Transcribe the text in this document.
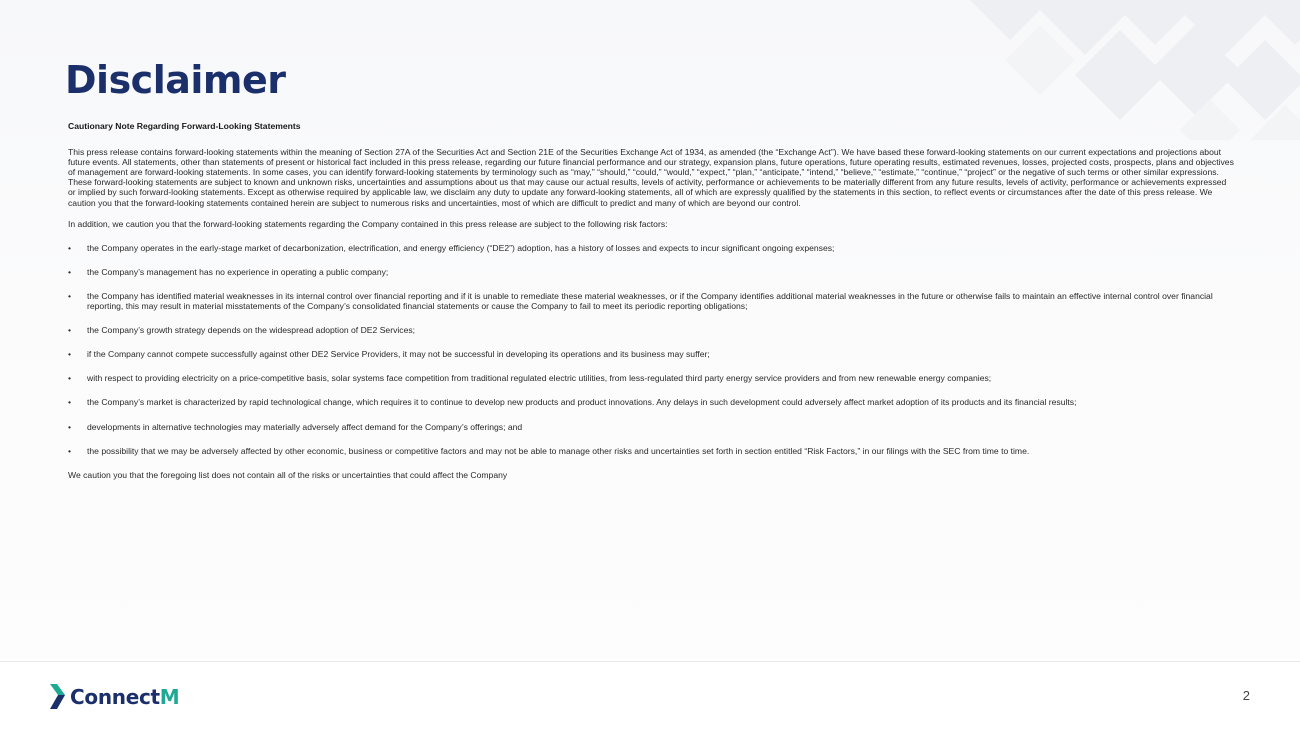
Disclaimer

Cautionary Note Regarding Forward-Looking Statements

This press release contains forward-looking statements within the meaning of Section 27A of the Securities Act and Section 21E of the Securities Exchange Act of 1934, as amended (the “Exchange Act”). We have based these forward-looking statements on our current expectations and projections about future events. All statements, other than statements of present or historical fact included in this press release, regarding our future financial performance and our strategy, expansion plans, future operations, future operating results, estimated revenues, losses, projected costs, prospects, plans and objectives of management are forward-looking statements. In some cases, you can identify forward-looking statements by terminology such as “may,” “should,” “could,” “would,” “expect,” “plan,” “anticipate,” “intend,” “believe,” “estimate,” “continue,” “project” or the negative of such terms or other similar expressions. These forward-looking statements are subject to known and unknown risks, uncertainties and assumptions about us that may cause our actual results, levels of activity, performance or achievements to be materially different from any future results, levels of activity, performance or achievements expressed or implied by such forward-looking statements. Except as otherwise required by applicable law, we disclaim any duty to update any forward-looking statements, all of which are expressly qualified by the statements in this section, to reflect events or circumstances after the date of this press release. We caution you that the forward-looking statements contained herein are subject to numerous risks and uncertainties, most of which are difficult to predict and many of which are beyond our control.

In addition, we caution you that the forward-looking statements regarding the Company contained in this press release are subject to the following risk factors:

• the Company operates in the early-stage market of decarbonization, electrification, and energy efficiency (“DE2”) adoption, has a history of losses and expects to incur significant ongoing expenses;
• the Company’s management has no experience in operating a public company;
• the Company has identified material weaknesses in its internal control over financial reporting and if it is unable to remediate these material weaknesses, or if the Company identifies additional material weaknesses in the future or otherwise fails to maintain an effective internal control over financial reporting, this may result in material misstatements of the Company’s consolidated financial statements or cause the Company to fail to meet its periodic reporting obligations;
• the Company’s growth strategy depends on the widespread adoption of DE2 Services;
• if the Company cannot compete successfully against other DE2 Service Providers, it may not be successful in developing its operations and its business may suffer;
• with respect to providing electricity on a price-competitive basis, solar systems face competition from traditional regulated electric utilities, from less-regulated third party energy service providers and from new renewable energy companies;
• the Company’s market is characterized by rapid technological change, which requires it to continue to develop new products and product innovations. Any delays in such development could adversely affect market adoption of its products and its financial results;
• developments in alternative technologies may materially adversely affect demand for the Company’s offerings; and
• the possibility that we may be adversely affected by other economic, business or competitive factors and may not be able to manage other risks and uncertainties set forth in section entitled “Risk Factors,” in our filings with the SEC from time to time.

We caution you that the foregoing list does not contain all of the risks or uncertainties that could affect the Company

ConnectM	2
